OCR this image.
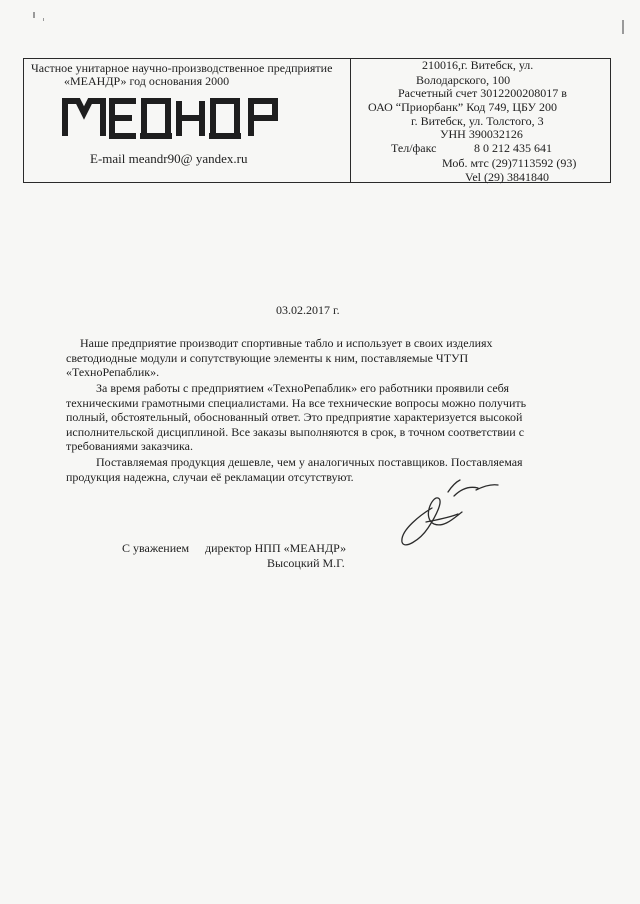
Частное унитарное научно-производственное предприятие
«МЕАНДР» год основания 2000
E-mail meandr90@ yandex.ru
210016,г. Витебск, ул.
Володарского, 100
Расчетный счет 3012200208017 в
ОАО “Приорбанк” Код 749, ЦБУ 200
г. Витебск, ул. Толстого, 3
УНН 390032126
Тел/факс	8 0 212 435 641
Моб. мтс (29)7113592 (93)
Vel (29) 3841840
03.02.2017 г.

Наше предприятие производит спортивные табло и использует в своих изделиях светодиодные модули и сопутствующие элементы к ним, поставляемые ЧТУП «ТехноРепаблик».

За время работы с предприятием «ТехноРепаблик» его работники проявили себя техническими грамотными специалистами. На все технические вопросы можно получить полный, обстоятельный, обоснованный ответ. Это предприятие характеризуется высокой исполнительской дисциплиной. Все заказы выполняются в срок, в точном соответствии с требованиями заказчика.

Поставляемая продукция дешевле, чем у аналогичных поставщиков. Поставляемая продукция надежна, случаи её рекламации отсутствуют.

С уважением директор НПП «МЕАНДР»
Высоцкий М.Г.
